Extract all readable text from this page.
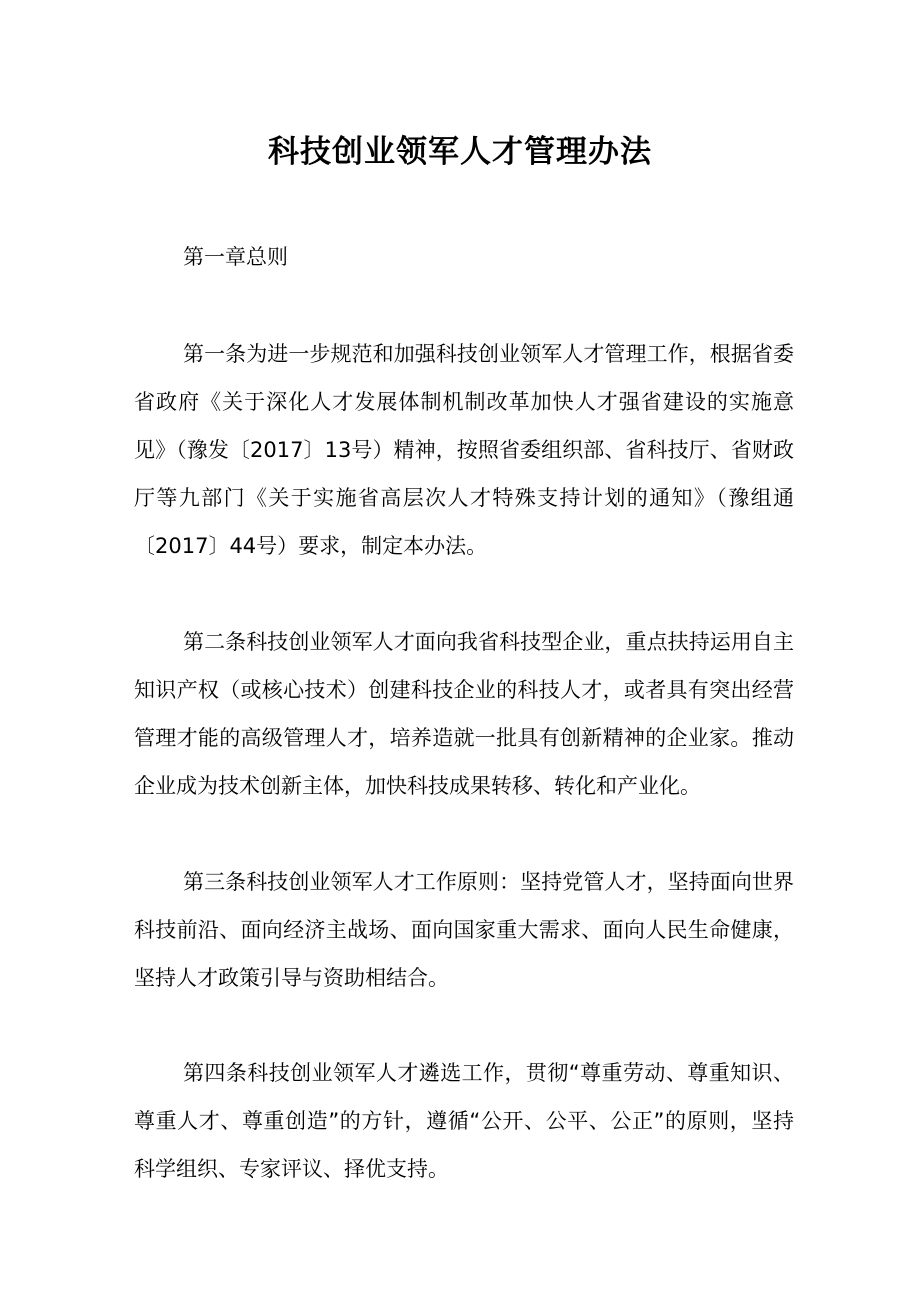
科技创业领军人才管理办法
第一章总则

第一条为进一步规范和加强科技创业领军人才管理工作，根据省委省政府《关于深化人才发展体制机制改革加快人才强省建设的实施意见》（豫发〔2017〕13号）精神，按照省委组织部、省科技厅、省财政厅等九部门《关于实施省高层次人才特殊支持计划的通知》（豫组通〔2017〕44号）要求，制定本办法。

第二条科技创业领军人才面向我省科技型企业，重点扶持运用自主知识产权（或核心技术）创建科技企业的科技人才，或者具有突出经营管理才能的高级管理人才，培养造就一批具有创新精神的企业家。推动企业成为技术创新主体，加快科技成果转移、转化和产业化。

第三条科技创业领军人才工作原则：坚持党管人才，坚持面向世界科技前沿、面向经济主战场、面向国家重大需求、面向人民生命健康，坚持人才政策引导与资助相结合。

第四条科技创业领军人才遴选工作，贯彻“尊重劳动、尊重知识、尊重人才、尊重创造”的方针，遵循“公开、公平、公正”的原则，坚持科学组织、专家评议、择优支持。
